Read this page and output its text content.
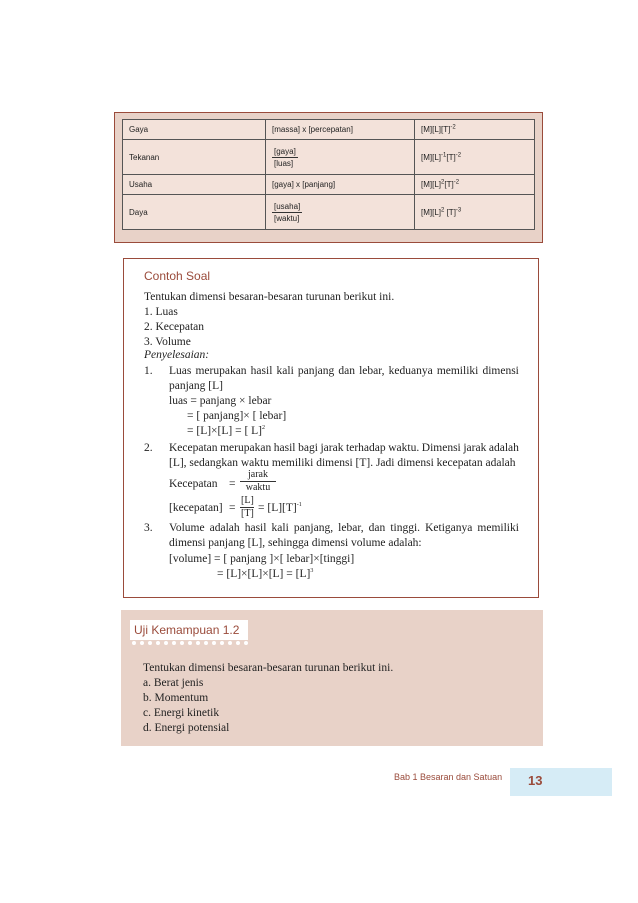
Gaya	[massa] x [percepatan]	$[M][L][T]^{-2}$
Tekanan	$\frac{\text{[gaya]}}{\text{[luas]}}$	$[M][L]^{-1}[T]^{-2}$
Usaha	[gaya] x [panjang]	$[M][L]^2[T]^{-2}$
Daya	$\frac{\text{[usaha]}}{\text{[waktu]}}$	$[M][L]^2$ $[T]^{-3}$
Contoh Soal
Tentukan dimensi besaran-besaran turunan berikut ini.
1. Luas
2. Kecepatan
3. Volume
Penyelesaian:
1. Luas merupakan hasil kali panjang dan lebar, keduanya memiliki dimensi
panjang [L]
luas = panjang × lebar
= [ panjang]× [ lebar]
= [L]×[L] = [ L]$^2$
2. Kecepatan merupakan hasil bagi jarak terhadap waktu. Dimensi jarak adalah
[L], sedangkan waktu memiliki dimensi [T]. Jadi dimensi kecepatan adalah
Kecepatan =
jarak
waktu
[kecepatan] = $\frac{[L]}{[T]} = [L][T]^{-1}$
3. Volume adalah hasil kali panjang, lebar, dan tinggi. Ketiganya memiliki
dimensi panjang [L], sehingga dimensi volume adalah:
[volume] = [ panjang ]×[ lebar]×[tinggi]
= $[L]\times[L]\times[L] = [L]^3$
Uji Kemampuan 1.2
Tentukan dimensi besaran-besaran turunan berikut ini.
a. Berat jenis
b. Momentum
c. Energi kinetik
d. Energi potensial
Bab 1 Besaran dan Satuan 13
